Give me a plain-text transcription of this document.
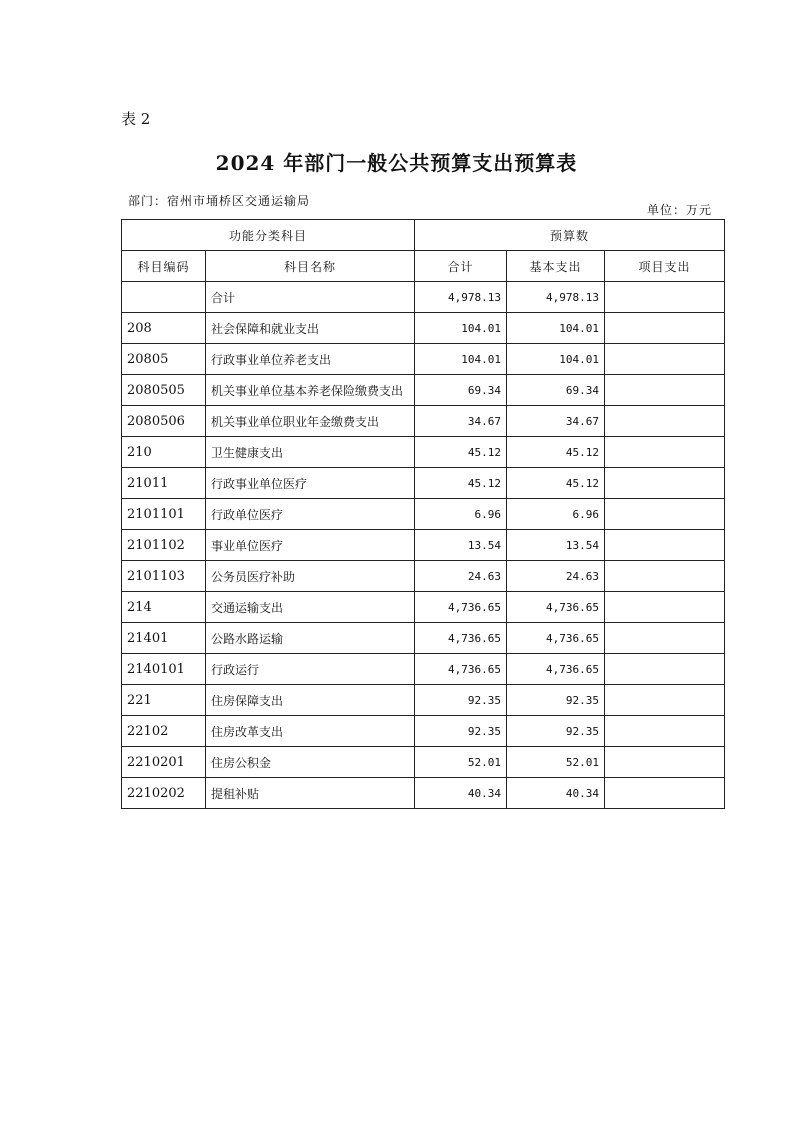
表 2
2024 年部门一般公共预算支出预算表
部门：宿州市埇桥区交通运输局
单位：万元
功能分类科目		预算数		
科目编码	科目名称	合计	基本支出	项目支出
	合计	4,978.13	4,978.13	
208	社会保障和就业支出	104.01	104.01	
20805	行政事业单位养老支出	104.01	104.01	
2080505	机关事业单位基本养老保险缴费支出	69.34	69.34	
2080506	机关事业单位职业年金缴费支出	34.67	34.67	
210	卫生健康支出	45.12	45.12	
21011	行政事业单位医疗	45.12	45.12	
2101101	行政单位医疗	6.96	6.96	
2101102	事业单位医疗	13.54	13.54	
2101103	公务员医疗补助	24.63	24.63	
214	交通运输支出	4,736.65	4,736.65	
21401	公路水路运输	4,736.65	4,736.65	
2140101	行政运行	4,736.65	4,736.65	
221	住房保障支出	92.35	92.35	
22102	住房改革支出	92.35	92.35	
2210201	住房公积金	52.01	52.01	
2210202	提租补贴	40.34	40.34	
